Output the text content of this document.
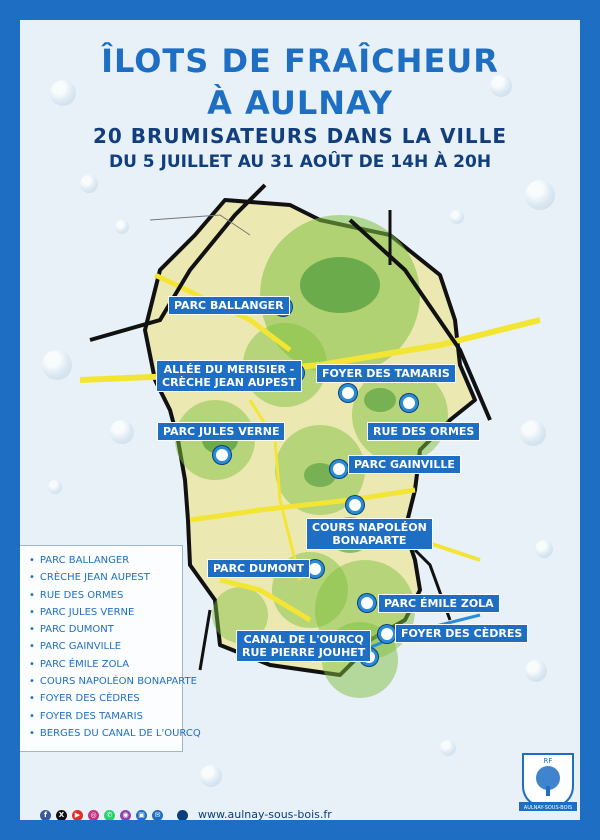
ÎLOTS DE FRAÎCHEUR
À AULNAY
20 BRUMISATEURS DANS LA VILLE
DU 5 JUILLET AU 31 AOÛT DE 14H À 20H
PARC BALLANGER
ALLÉE DU MERISIER -
CRÈCHE JEAN AUPEST
FOYER DES TAMARIS
RUE DES ORMES
PARC JULES VERNE
PARC GAINVILLE
COURS NAPOLÉON
BONAPARTE
PARC DUMONT
PARC ÉMILE ZOLA
FOYER DES CÈDRES
CANAL DE L'OURCQ
RUE PIERRE JOUHET
• PARC BALLANGER
• CRÈCHE JEAN AUPEST
• RUE DES ORMES
• PARC JULES VERNE
• PARC DUMONT
• PARC GAINVILLE
• PARC ÉMILE ZOLA
• COURS NAPOLÉON BONAPARTE
• FOYER DES CÈDRES
• FOYER DES TAMARIS
• BERGES DU CANAL DE L'OURCQ
RF
AULNAY-SOUS-BOIS
f	X	▶	◎	✆	◉	▣	✉	www.aulnay-sous-bois.fr
